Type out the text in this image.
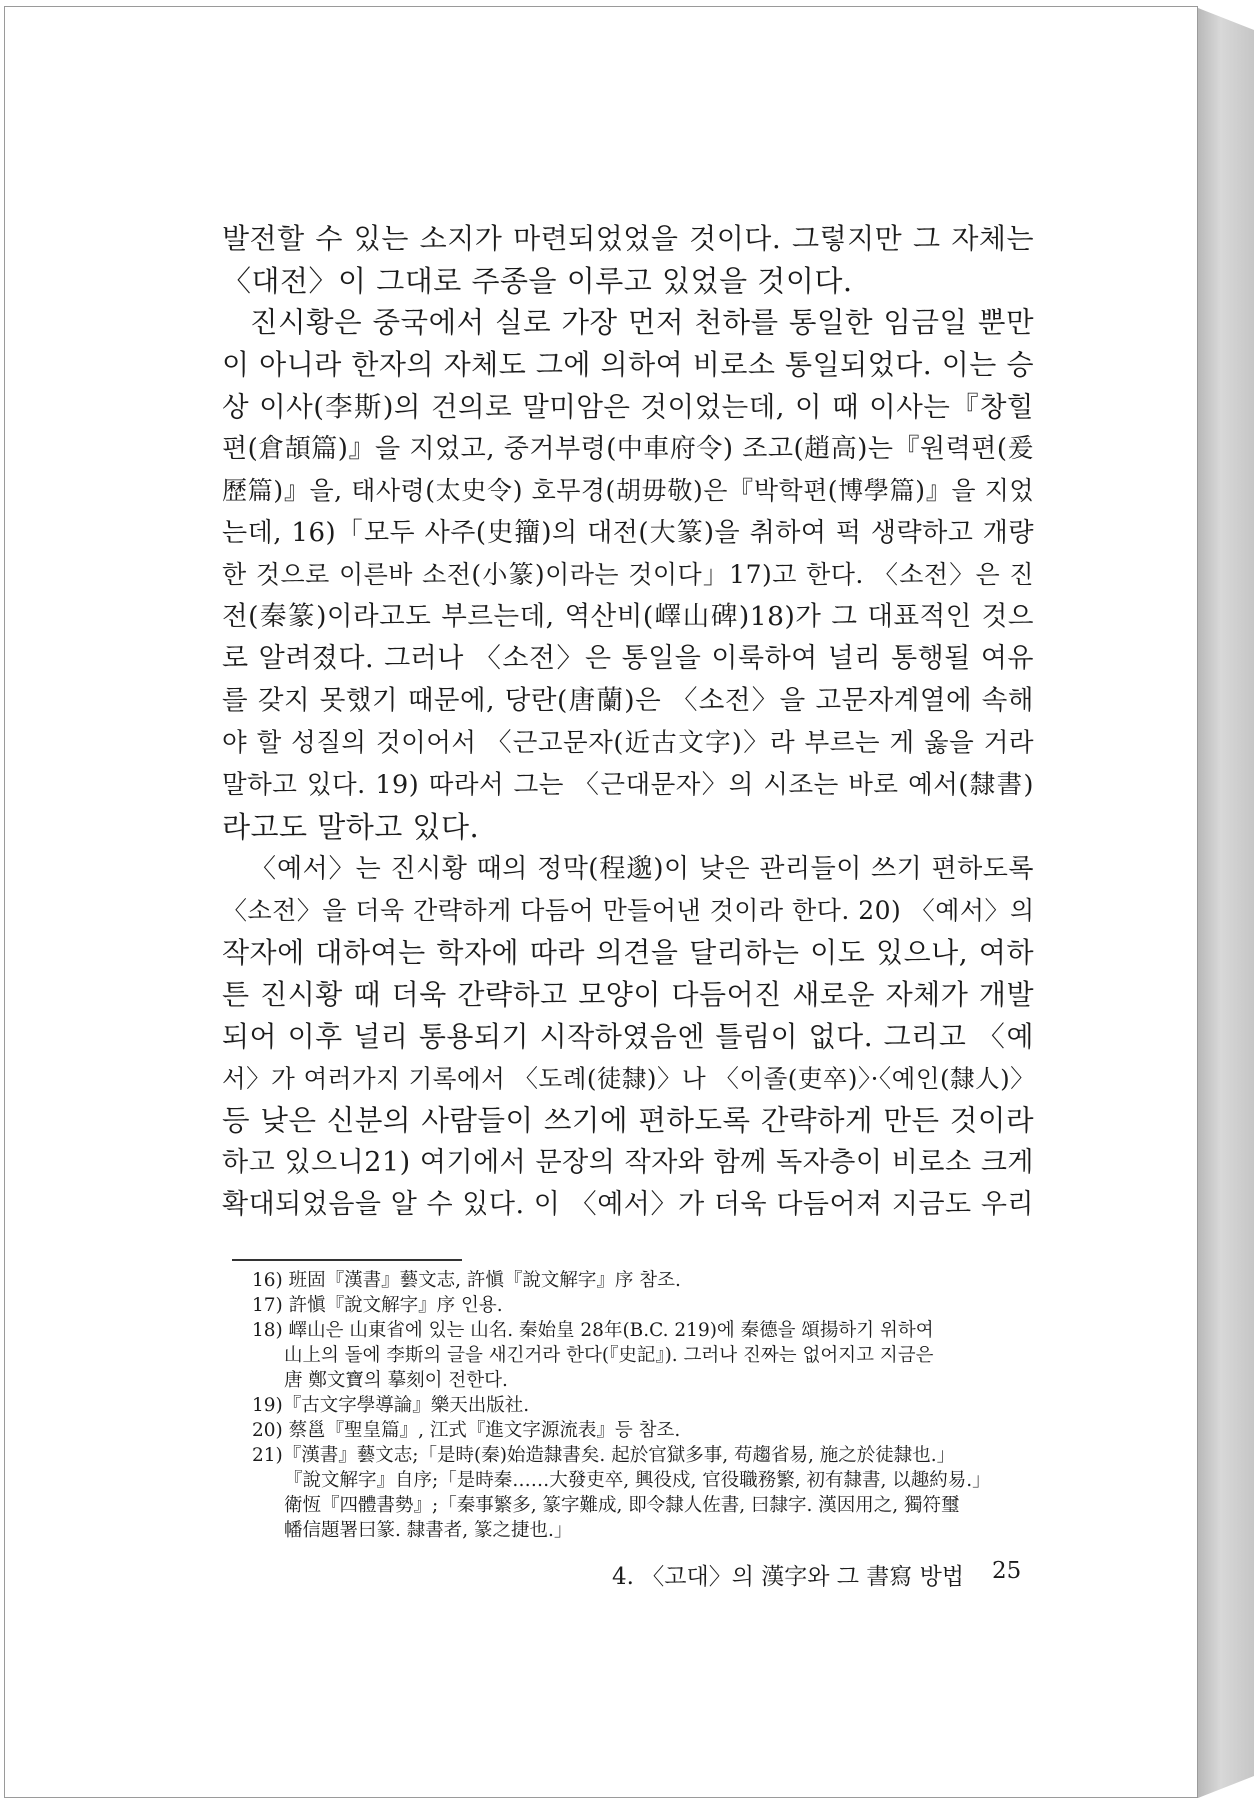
발전할 수 있는 소지가 마련되었었을 것이다. 그렇지만 그 자체는
〈대전〉이 그대로 주종을 이루고 있었을 것이다.
진시황은 중국에서 실로 가장 먼저 천하를 통일한 임금일 뿐만
이 아니라 한자의 자체도 그에 의하여 비로소 통일되었다. 이는 승
상 이사(李斯)의 건의로 말미암은 것이었는데, 이 때 이사는『창힐
편(倉頡篇)』을 지었고, 중거부령(中車府令) 조고(趙高)는『원력편(爰
歷篇)』을, 태사령(太史令) 호무경(胡毋敬)은『박학편(博學篇)』을 지었
는데, 16)「모두 사주(史籒)의 대전(大篆)을 취하여 퍽 생략하고 개량
한 것으로 이른바 소전(小篆)이라는 것이다」17)고 한다. 〈소전〉은 진
전(秦篆)이라고도 부르는데, 역산비(嶧山碑)18)가 그 대표적인 것으
로 알려졌다. 그러나 〈소전〉은 통일을 이룩하여 널리 통행될 여유
를 갖지 못했기 때문에, 당란(唐蘭)은 〈소전〉을 고문자계열에 속해
야 할 성질의 것이어서 〈근고문자(近古文字)〉라 부르는 게 옳을 거라
말하고 있다. 19) 따라서 그는 〈근대문자〉의 시조는 바로 예서(隸書)
라고도 말하고 있다.
〈예서〉는 진시황 때의 정막(程邈)이 낮은 관리들이 쓰기 편하도록
〈소전〉을 더욱 간략하게 다듬어 만들어낸 것이라 한다. 20) 〈예서〉의
작자에 대하여는 학자에 따라 의견을 달리하는 이도 있으나, 여하
튼 진시황 때 더욱 간략하고 모양이 다듬어진 새로운 자체가 개발
되어 이후 널리 통용되기 시작하였음엔 틀림이 없다. 그리고 〈예
서〉가 여러가지 기록에서 〈도례(徒隸)〉나 〈이졸(吏卒)〉·〈예인(隸人)〉
등 낮은 신분의 사람들이 쓰기에 편하도록 간략하게 만든 것이라
하고 있으니21) 여기에서 문장의 작자와 함께 독자층이 비로소 크게
확대되었음을 알 수 있다. 이 〈예서〉가 더욱 다듬어져 지금도 우리
16) 班固『漢書』藝文志, 許愼『說文解字』序 참조.
17) 許愼『說文解字』序 인용.
18) 嶧山은 山東省에 있는 山名. 秦始皇 28年(B.C. 219)에 秦德을 頌揚하기 위하여
山上의 돌에 李斯의 글을 새긴거라 한다(『史記』). 그러나 진짜는 없어지고 지금은
唐 鄭文寶의 摹刻이 전한다.
19)『古文字學導論』樂天出版社.
20) 蔡邕『聖皇篇』, 江式『進文字源流表』등 참조.
21)『漢書』藝文志;「是時(秦)始造隸書矣. 起於官獄多事, 苟趨省易, 施之於徒隸也.」
『說文解字』自序;「是時秦……大發吏卒, 興役戍, 官役職務繁, 初有隸書, 以趣約易.」
衛恆『四體書勢』;「秦事繁多, 篆字難成, 即令隸人佐書, 曰隸字. 漢因用之, 獨符璽
幡信題署曰篆. 隸書者, 篆之捷也.」
4. 〈고대〉의 漢字와 그 書寫 방법 25
